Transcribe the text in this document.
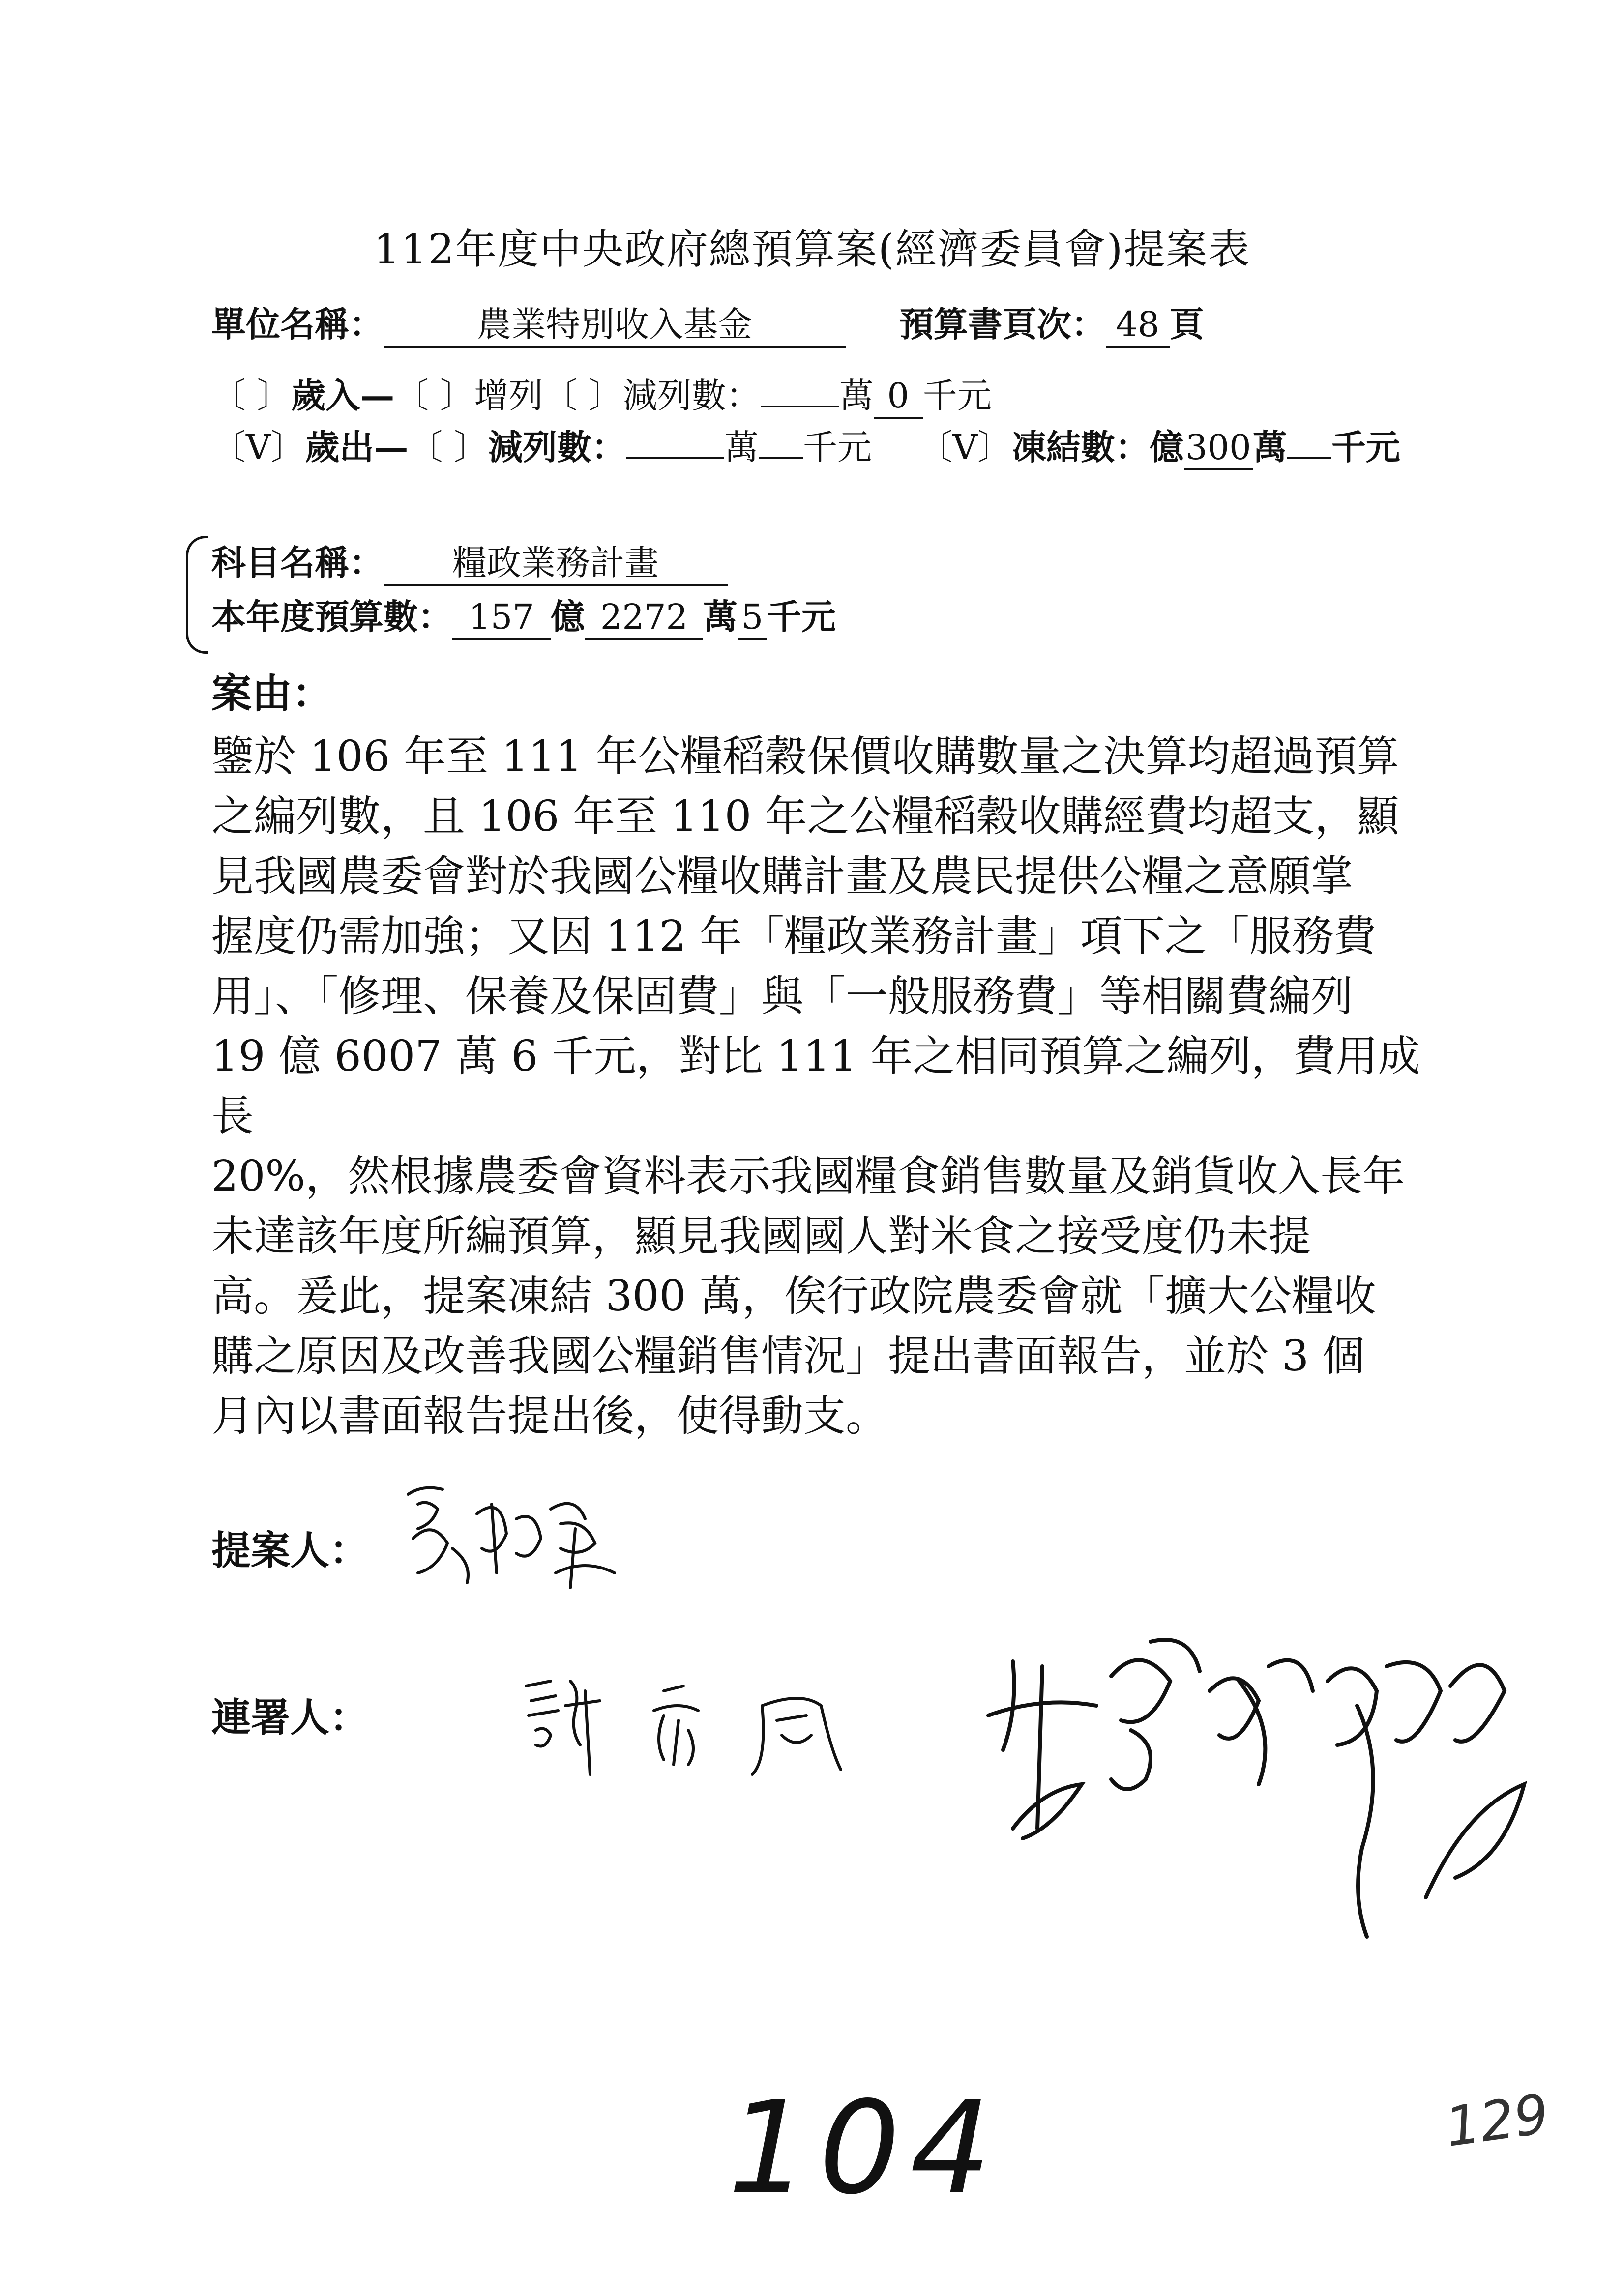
112年度中央政府總預算案(經濟委員會)提案表
單位名稱：	農業特別收入基金	預算書頁次： 48 頁
〔 〕歲入—〔 〕增列〔 〕減列數： 萬 0 千元
〔V〕歲出—〔 〕減列數：	萬 千元 〔V〕凍結數：億300萬 千元
科目名稱： 糧政業務計畫
本年度預算數： 157 億 2272 萬 5 千元
案由：

鑒於 106 年至 111 年公糧稻穀保價收購數量之決算均超過預算
之編列數，且 106 年至 110 年之公糧稻穀收購經費均超支，顯
見我國農委會對於我國公糧收購計畫及農民提供公糧之意願掌
握度仍需加強；又因 112 年「糧政業務計畫」項下之「服務費
用」、「修理、保養及保固費」與「一般服務費」等相關費編列
19 億 6007 萬 6 千元，對比 111 年之相同預算之編列，費用成長
20%，然根據農委會資料表示我國糧食銷售數量及銷貨收入長年
未達該年度所編預算，顯見我國國人對米食之接受度仍未提
高。爰此，提案凍結 300 萬，俟行政院農委會就「擴大公糧收
購之原因及改善我國公糧銷售情況」提出書面報告，並於 3 個
月內以書面報告提出後，使得動支。

提案人：
連署人：
104	129
